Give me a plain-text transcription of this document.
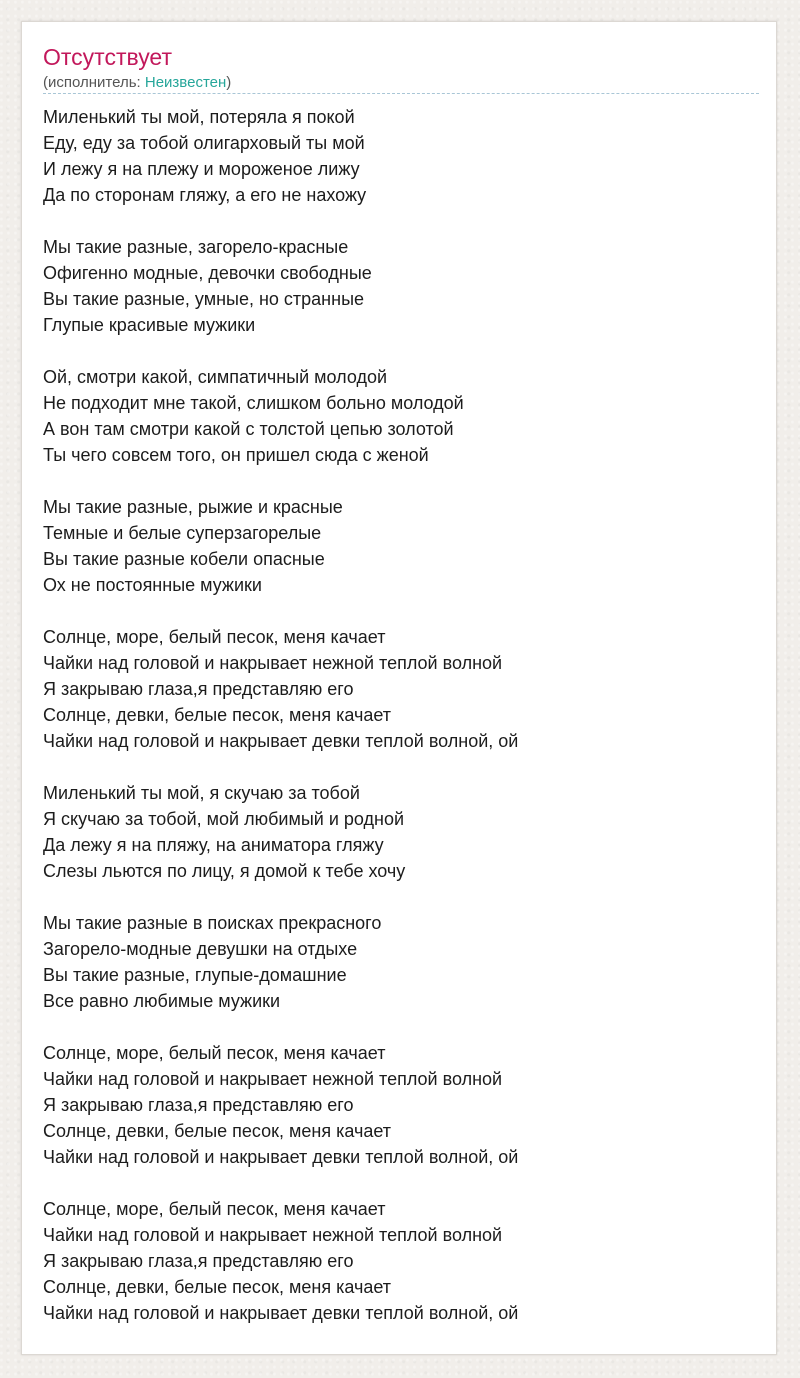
Отсутствует
(исполнитель: Неизвестен)
Миленький ты мой, потеряла я покой
Еду, еду за тобой олигарховый ты мой
И лежу я на плежу и мороженое лижу
Да по сторонам гляжу, а его не нахожу
Мы такие разные, загорело-красные
Офигенно модные, девочки свободные
Вы такие разные, умные, но странные
Глупые красивые мужики
Ой, смотри какой, симпатичный молодой
Не подходит мне такой, слишком больно молодой
А вон там смотри какой с толстой цепью золотой
Ты чего совсем того, он пришел сюда с женой
Мы такие разные, рыжие и красные
Темные и белые суперзагорелые
Вы такие разные кобели опасные
Ох не постоянные мужики
Солнце, море, белый песок, меня качает
Чайки над головой и накрывает нежной теплой волной
Я закрываю глаза,я представляю его
Солнце, девки, белые песок, меня качает
Чайки над головой и накрывает девки теплой волной, ой
Миленький ты мой, я скучаю за тобой
Я скучаю за тобой, мой любимый и родной
Да лежу я на пляжу, на аниматора гляжу
Слезы льются по лицу, я домой к тебе хочу
Мы такие разные в поисках прекрасного
Загорело-модные девушки на отдыхе
Вы такие разные, глупые-домашние
Все равно любимые мужики
Солнце, море, белый песок, меня качает
Чайки над головой и накрывает нежной теплой волной
Я закрываю глаза,я представляю его
Солнце, девки, белые песок, меня качает
Чайки над головой и накрывает девки теплой волной, ой
Солнце, море, белый песок, меня качает
Чайки над головой и накрывает нежной теплой волной
Я закрываю глаза,я представляю его
Солнце, девки, белые песок, меня качает
Чайки над головой и накрывает девки теплой волной, ой
